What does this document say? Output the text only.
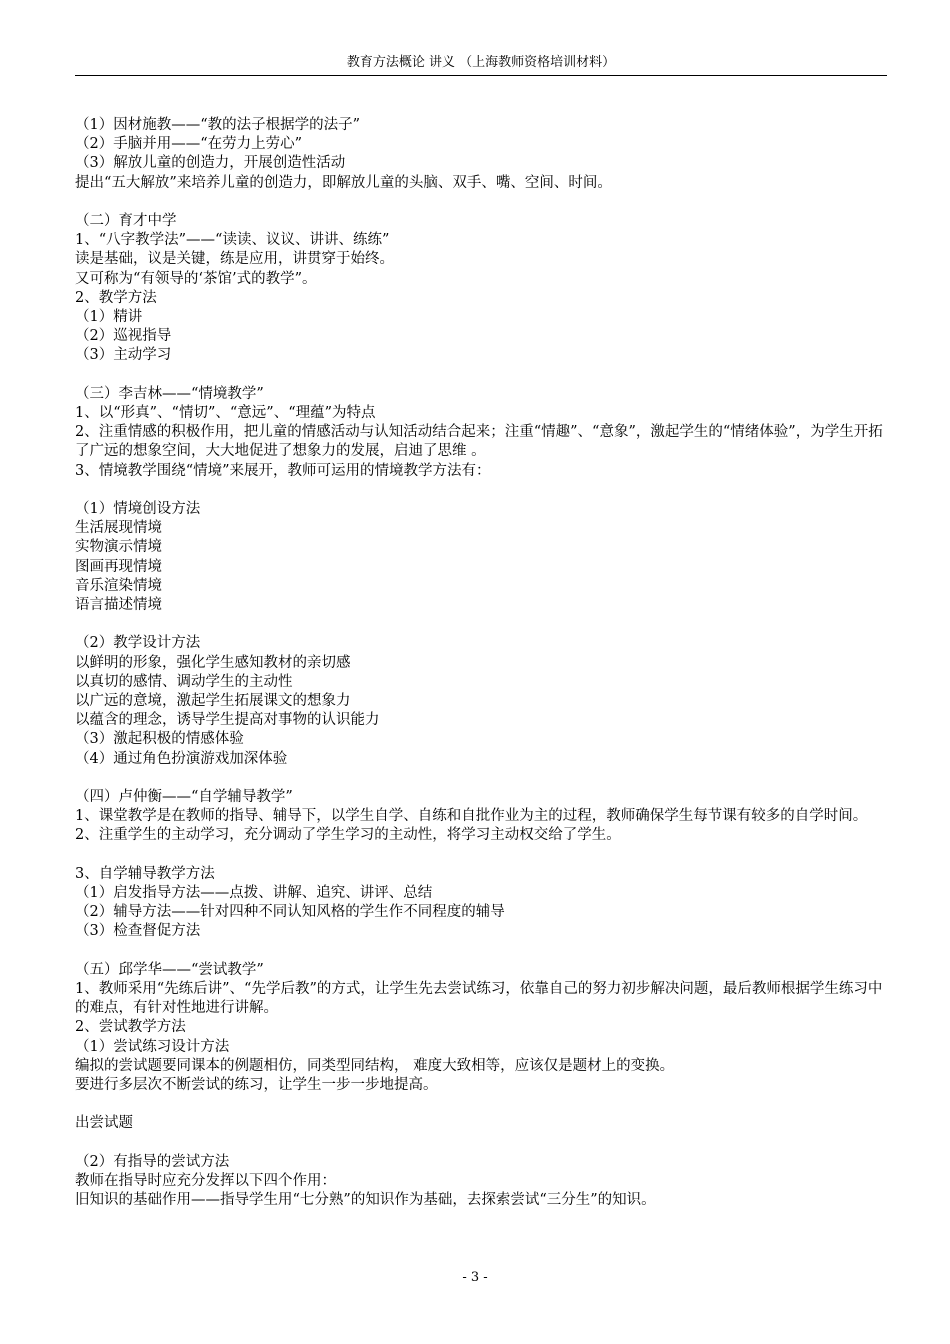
教育方法概论 讲义 （上海教师资格培训材料）

（1）因材施教——“教的法子根据学的法子”

（2）手脑并用——“在劳力上劳心”

（3）解放儿童的创造力，开展创造性活动

提出“五大解放”来培养儿童的创造力，即解放儿童的头脑、双手、嘴、空间、时间。

（二）育才中学

1、“八字教学法”——“读读、议议、讲讲、练练”

读是基础，议是关键，练是应用，讲贯穿于始终。

又可称为“有领导的‘茶馆’式的教学”。

2、教学方法

（1）精讲

（2）巡视指导

（3）主动学习

（三）李吉林——“情境教学”

1、以“形真”、“情切”、“意远”、“理蕴”为特点

2、注重情感的积极作用，把儿童的情感活动与认知活动结合起来；注重“情趣”、“意象”，激起学生的“情绪体验”，为学生开拓了广远的想象空间，大大地促进了想象力的发展，启迪了思维 。

3、情境教学围绕“情境”来展开，教师可运用的情境教学方法有：

（1）情境创设方法

生活展现情境

实物演示情境

图画再现情境

音乐渲染情境

语言描述情境

（2）教学设计方法

以鲜明的形象，强化学生感知教材的亲切感

以真切的感情、调动学生的主动性

以广远的意境，激起学生拓展课文的想象力

以蕴含的理念，诱导学生提高对事物的认识能力

（3）激起积极的情感体验

（4）通过角色扮演游戏加深体验

（四）卢仲衡——“自学辅导教学”

1、课堂教学是在教师的指导、辅导下，以学生自学、自练和自批作业为主的过程，教师确保学生每节课有较多的自学时间。

2、注重学生的主动学习，充分调动了学生学习的主动性，将学习主动权交给了学生。

3、自学辅导教学方法

（1）启发指导方法——点拨、讲解、追究、讲评、总结

（2）辅导方法——针对四种不同认知风格的学生作不同程度的辅导

（3）检查督促方法

（五）邱学华——“尝试教学”

1、教师采用“先练后讲”、“先学后教”的方式，让学生先去尝试练习，依靠自己的努力初步解决问题，最后教师根据学生练习中的难点，有针对性地进行讲解。

2、尝试教学方法

（1）尝试练习设计方法

编拟的尝试题要同课本的例题相仿，同类型同结构， 难度大致相等，应该仅是题材上的变换。

要进行多层次不断尝试的练习，让学生一步一步地提高。

出尝试题

（2）有指导的尝试方法

教师在指导时应充分发挥以下四个作用：

旧知识的基础作用——指导学生用“七分熟”的知识作为基础，去探索尝试“三分生”的知识。

- 3 -
